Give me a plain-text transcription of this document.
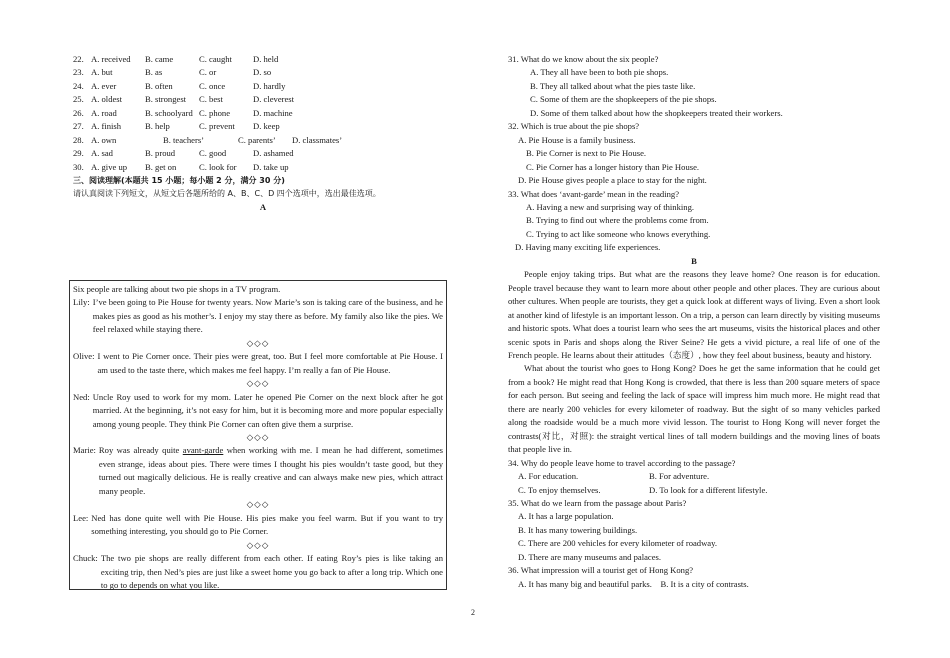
22. A. received	B. came	C. caught	D. held
23. A. but	B. as	C. or	D. so
24. A. ever	B. often	C. once	D. hardly
25. A. oldest	B. strongest	C. best	D. cleverest
26. A. road	B. schoolyard C. phone	D. machine
27. A. finish	B. help	C. prevent	D. keep
28. A. own	B. teachers’	C. parents’	D. classmates’
29. A. sad	B. proud	C. good	D. ashamed
30. A. give up	B. get on	C. look for	D. take up
三、阅读理解(本题共 15 小题；每小题 2 分，满分 30 分)
请认真阅读下列短文，从短文后各题所给的 A、B、C、D 四个选项中，选出最佳选项。
A
Six people are talking about two pie shops in a TV program.
Lily: I’ve been going to Pie House for twenty years. Now Marie’s son is taking care of the business, and he makes pies as good as his mother’s. I enjoy my stay there as before. My family also like the pies. We feel relaxed while staying there.
◇◇◇
Olive: I went to Pie Corner once. Their pies were great, too. But I feel more comfortable at Pie House. I am used to the taste there, which makes me feel happy. I’m really a fan of Pie House.
◇◇◇
Ned: Uncle Roy used to work for my mom. Later he opened Pie Corner on the next block after he got married. At the beginning, it’s not easy for him, but it is becoming more and more popular especially among young people. They think Pie Corner can often give them a surprise.
◇◇◇
Marie: Roy was already quite avant-garde when working with me. I mean he had different, sometimes even strange, ideas about pies. There were times I thought his pies wouldn’t taste good, but they turned out magically delicious. He is really creative and can always make new pies, which attract many people.
◇◇◇
Lee: Ned has done quite well with Pie House. His pies make you feel warm. But if you want to try something interesting, you should go to Pie Corner.
◇◇◇
Chuck: The two pie shops are really different from each other. If eating Roy’s pies is like taking an exciting trip, then Ned’s pies are just like a sweet home you go back to after a long trip. Which one to go to depends on what you like.
31. What do we know about the six people?
A. They all have been to both pie shops.
B. They all talked about what the pies taste like.
C. Some of them are the shopkeepers of the pie shops.
D. Some of them talked about how the shopkeepers treated their workers.
32. Which is true about the pie shops?
A. Pie House is a family business.
B. Pie Corner is next to Pie House.
C. Pie Corner has a longer history than Pie House.
D. Pie House gives people a place to stay for the night.
33. What does ‘avant-garde’ mean in the reading?
A. Having a new and surprising way of thinking.
B. Trying to find out where the problems come from.
C. Trying to act like someone who knows everything.
D. Having many exciting life experiences.
B
People enjoy taking trips. But what are the reasons they leave home? One reason is for education. People travel because they want to learn more about other people and other places. They are curious about other cultures. When people are tourists, they get a quick look at different ways of living. Even a short look at another kind of lifestyle is an important lesson. On a trip, a person can learn directly by visiting museums and historic spots. What does a tourist learn who sees the art museums, visits the historical places and other scenic spots in Paris and shops along the River Seine? He gets a vivid picture, a real life of one of the French people. He learns about their attitudes（态度）, how they feel about business, beauty and history.
What about the tourist who goes to Hong Kong? Does he get the same information that he could get from a book? He might read that Hong Kong is crowded, that there is less than 200 square meters of space for each person. But seeing and feeling the lack of space will impress him much more. He might read that there are nearly 200 vehicles for every kilometer of roadway. But the sight of so many vehicles parked along the roadside would be a much more vivid lesson. The tourist to Hong Kong will never forget the contrasts(对比，对照): the straight vertical lines of tall modern buildings and the moving lines of boats that people live in.
34. Why do people leave home to travel according to the passage?
A. For education.	B. For adventure.
C. To enjoy themselves.	D. To look for a different lifestyle.
35. What do we learn from the passage about Paris?
A. It has a large population.
B. It has many towering buildings.
C. There are 200 vehicles for every kilometer of roadway.
D. There are many museums and palaces.
36. What impression will a tourist get of Hong Kong?
A. It has many big and beautiful parks. B. It is a city of contrasts.
2
